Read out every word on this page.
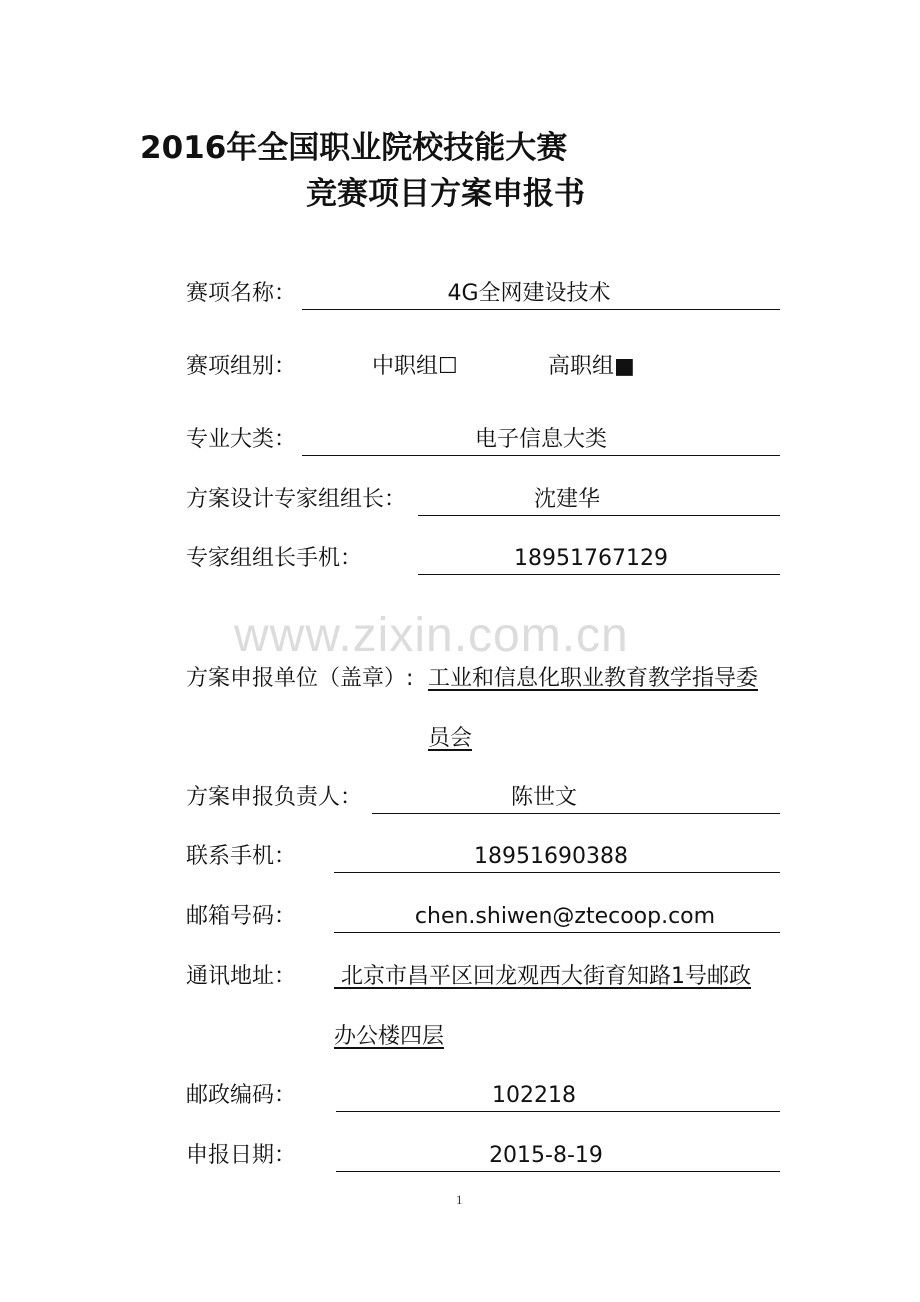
2016年全国职业院校技能大赛
竞赛项目方案申报书
赛项名称：	4G全网建设技术
赛项组别：	中职组☐	高职组■
专业大类：	电子信息大类
方案设计专家组组长：	沈建华
专家组组长手机：	18951767129
www.zixin.com.cn
方案申报单位（盖章）: 工业和信息化职业教育教学指导委
员会
方案申报负责人：	陈世文
联系手机：	18951690388
邮箱号码：	chen.shiwen@ztecoop.com
通讯地址：	北京市昌平区回龙观西大街育知路1号邮政
办公楼四层
邮政编码：	102218
申报日期：	2015-8-19
1
